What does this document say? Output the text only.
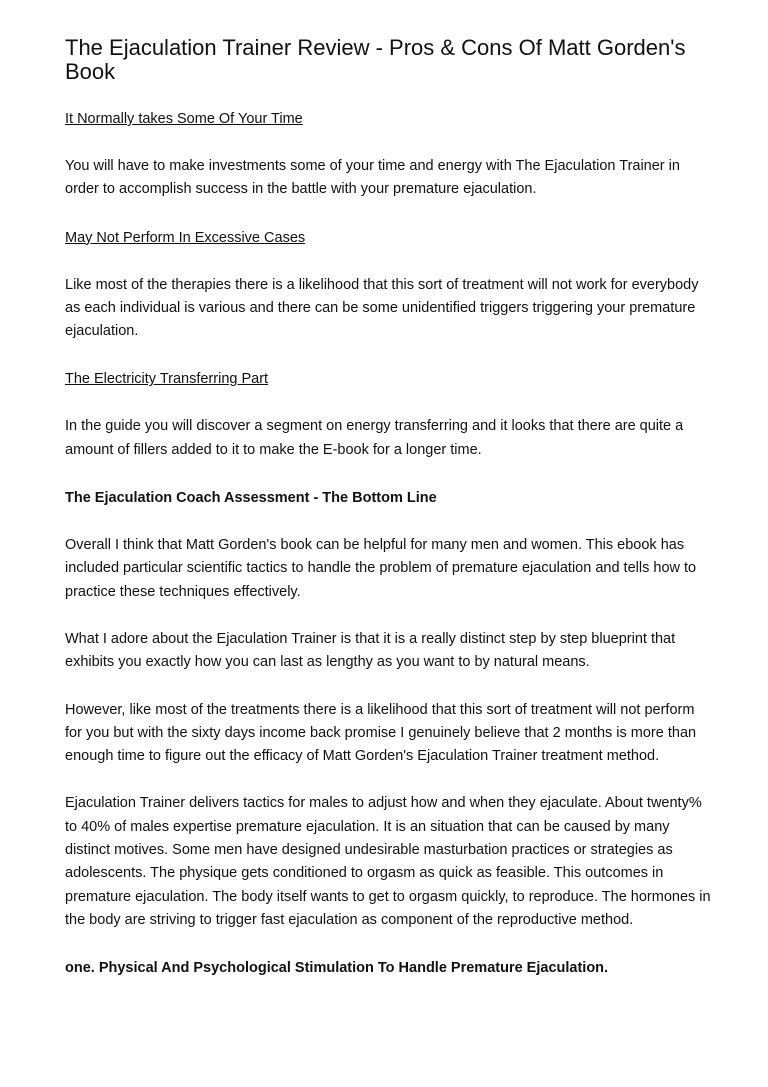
The Ejaculation Trainer Review - Pros & Cons Of Matt Gorden's Book
It Normally takes Some Of Your Time

You will have to make investments some of your time and energy with The Ejaculation Trainer in order to accomplish success in the battle with your premature ejaculation.

May Not Perform In Excessive Cases

Like most of the therapies there is a likelihood that this sort of treatment will not work for everybody as each individual is various and there can be some unidentified triggers triggering your premature ejaculation.

The Electricity Transferring Part

In the guide you will discover a segment on energy transferring and it looks that there are quite a amount of fillers added to it to make the E-book for a longer time.

The Ejaculation Coach Assessment - The Bottom Line

Overall I think that Matt Gorden's book can be helpful for many men and women. This ebook has included particular scientific tactics to handle the problem of premature ejaculation and tells how to practice these techniques effectively.

What I adore about the Ejaculation Trainer is that it is a really distinct step by step blueprint that exhibits you exactly how you can last as lengthy as you want to by natural means.

However, like most of the treatments there is a likelihood that this sort of treatment will not perform for you but with the sixty days income back promise I genuinely believe that 2 months is more than enough time to figure out the efficacy of Matt Gorden's Ejaculation Trainer treatment method.

Ejaculation Trainer delivers tactics for males to adjust how and when they ejaculate. About twenty% to 40% of males expertise premature ejaculation. It is an situation that can be caused by many distinct motives. Some men have designed undesirable masturbation practices or strategies as adolescents. The physique gets conditioned to orgasm as quick as feasible. This outcomes in premature ejaculation. The body itself wants to get to orgasm quickly, to reproduce. The hormones in the body are striving to trigger fast ejaculation as component of the reproductive method.

one. Physical And Psychological Stimulation To Handle Premature Ejaculation.
